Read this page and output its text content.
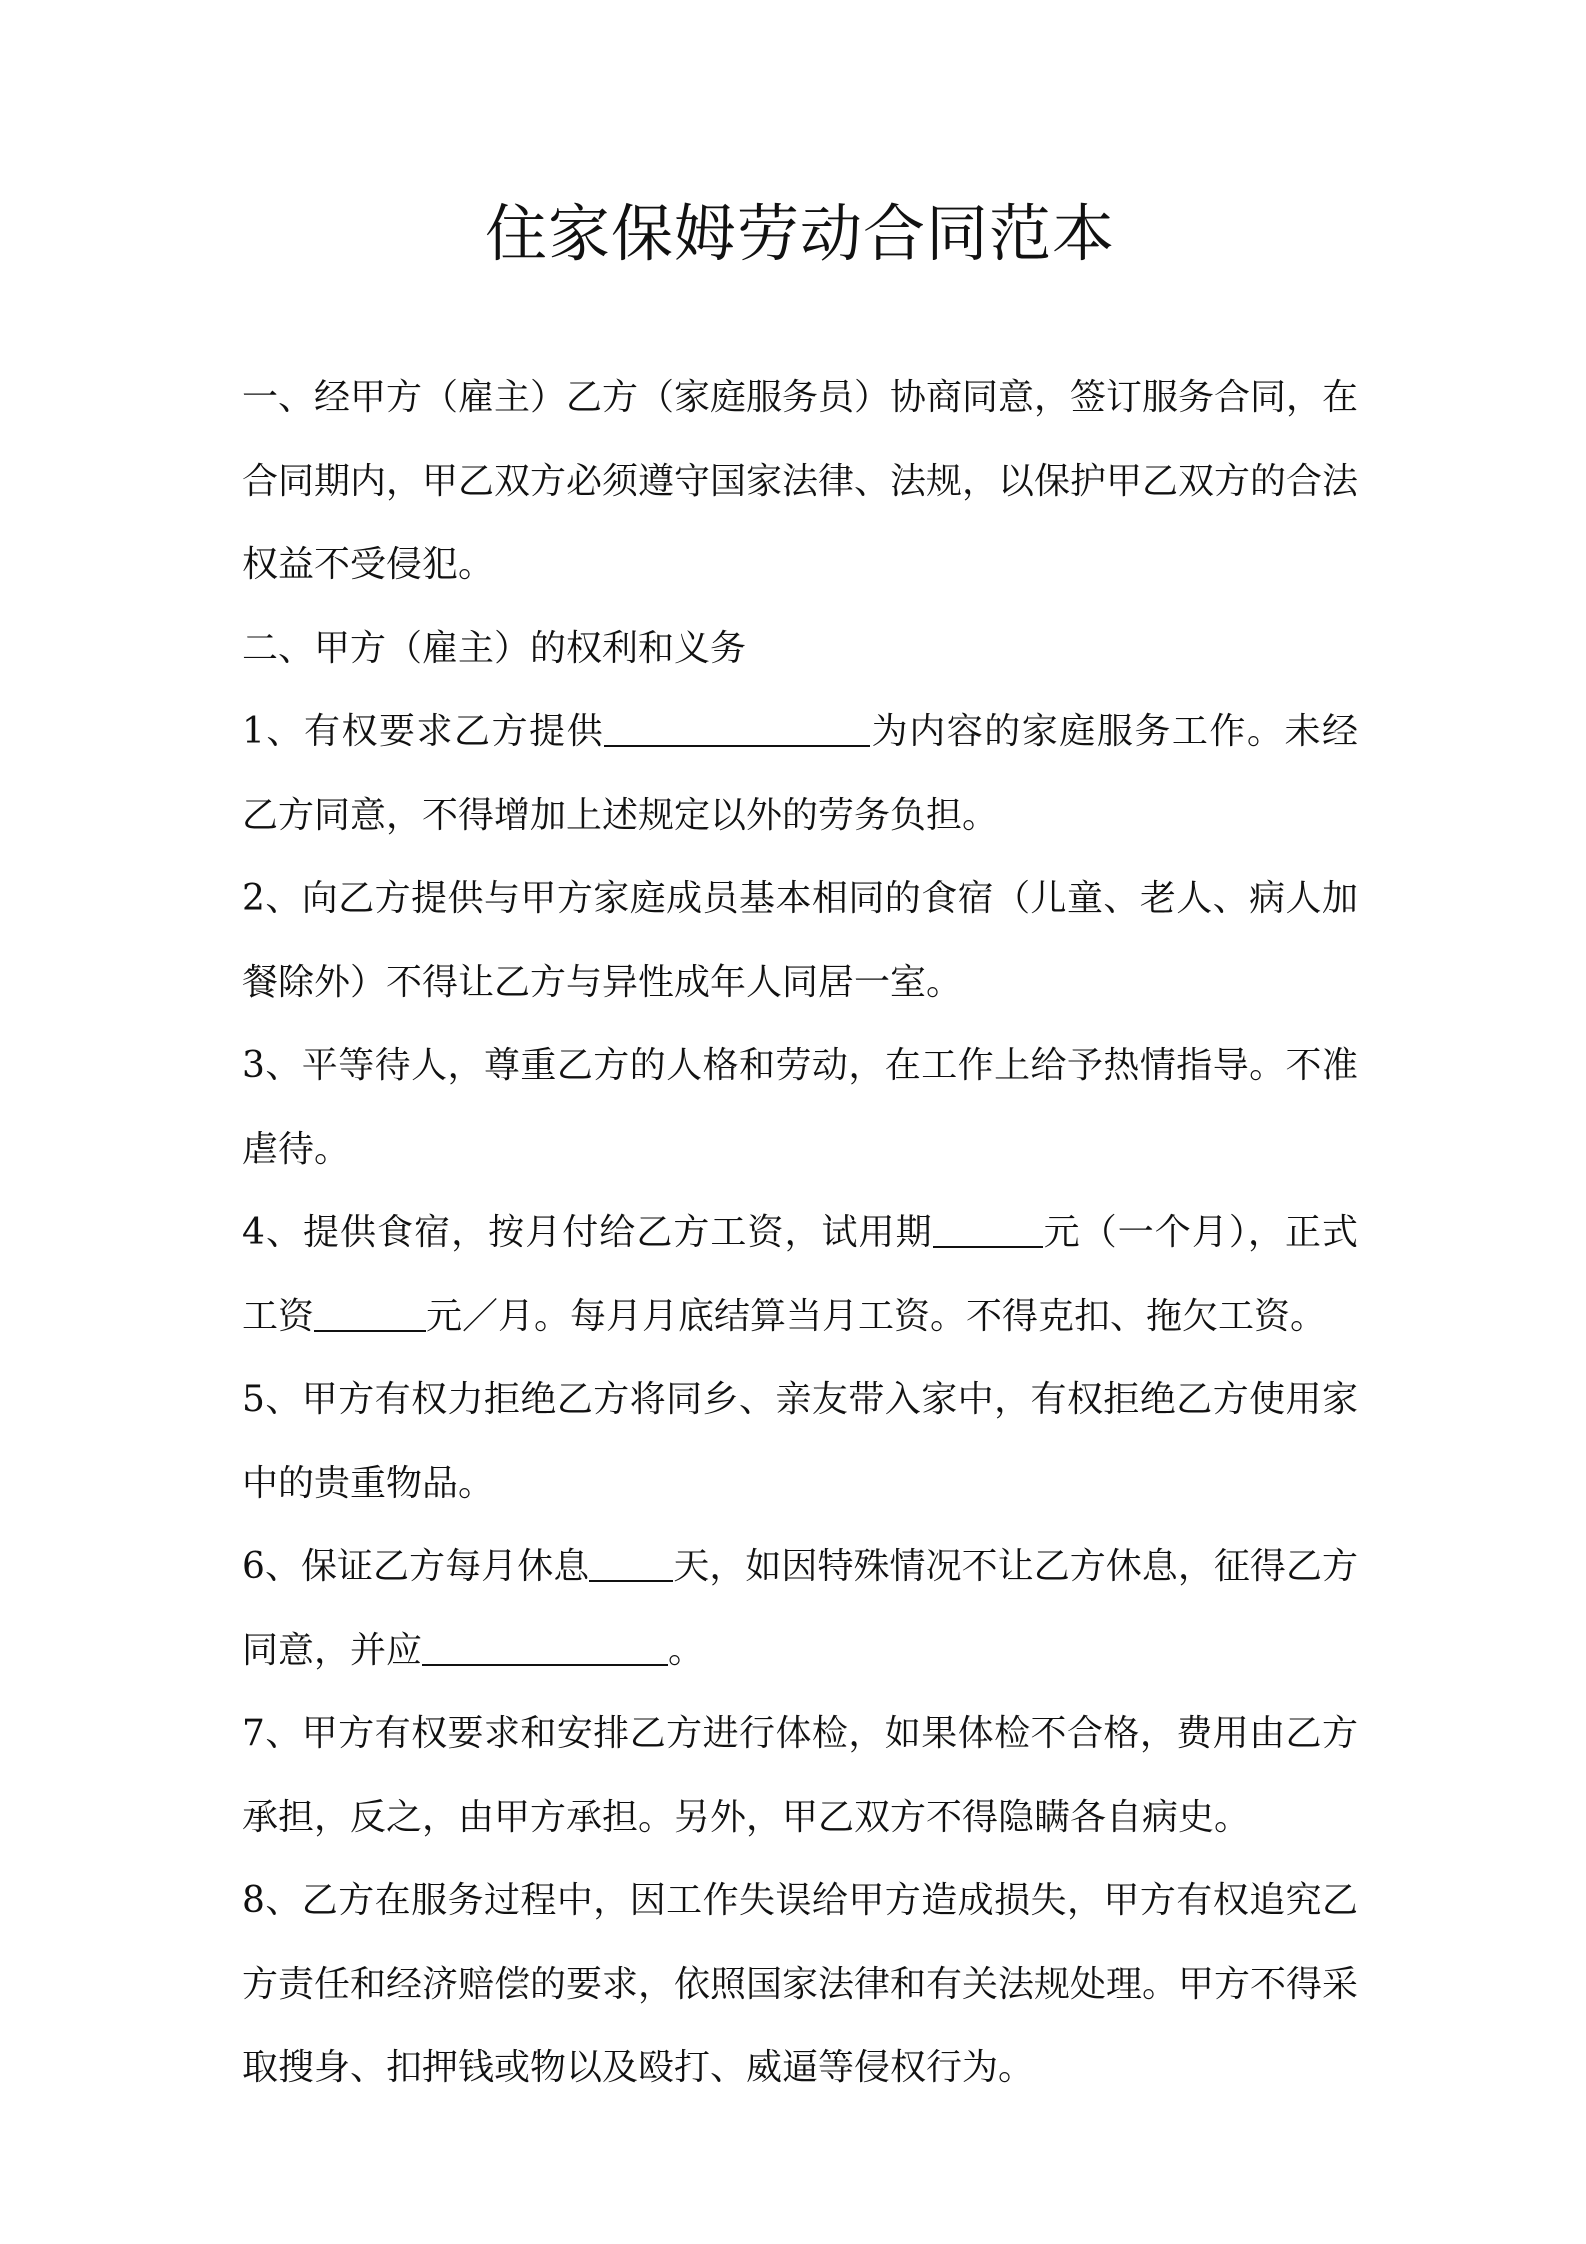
住家保姆劳动合同范本

一、经甲方（雇主）乙方（家庭服务员）协商同意，签订服务合同，在合同期内，甲乙双方必须遵守国家法律、法规，以保护甲乙双方的合法权益不受侵犯。

二、甲方（雇主）的权利和义务

1、有权要求乙方提供	为内容的家庭服务工作。未经乙方同意，不得增加上述规定以外的劳务负担。

2、向乙方提供与甲方家庭成员基本相同的食宿（儿童、老人、病人加餐除外）不得让乙方与异性成年人同居一室。

3、平等待人，尊重乙方的人格和劳动，在工作上给予热情指导。不准虐待。

4、提供食宿，按月付给乙方工资，试用期	元（一个月），正式工资	元／月。每月月底结算当月工资。不得克扣、拖欠工资。

5、甲方有权力拒绝乙方将同乡、亲友带入家中，有权拒绝乙方使用家中的贵重物品。

6、保证乙方每月休息 天，如因特殊情况不让乙方休息，征得乙方同意，并应	。

7、甲方有权要求和安排乙方进行体检，如果体检不合格，费用由乙方承担，反之，由甲方承担。另外，甲乙双方不得隐瞒各自病史。

8、乙方在服务过程中，因工作失误给甲方造成损失，甲方有权追究乙方责任和经济赔偿的要求，依照国家法律和有关法规处理。甲方不得采取搜身、扣押钱或物以及殴打、威逼等侵权行为。
